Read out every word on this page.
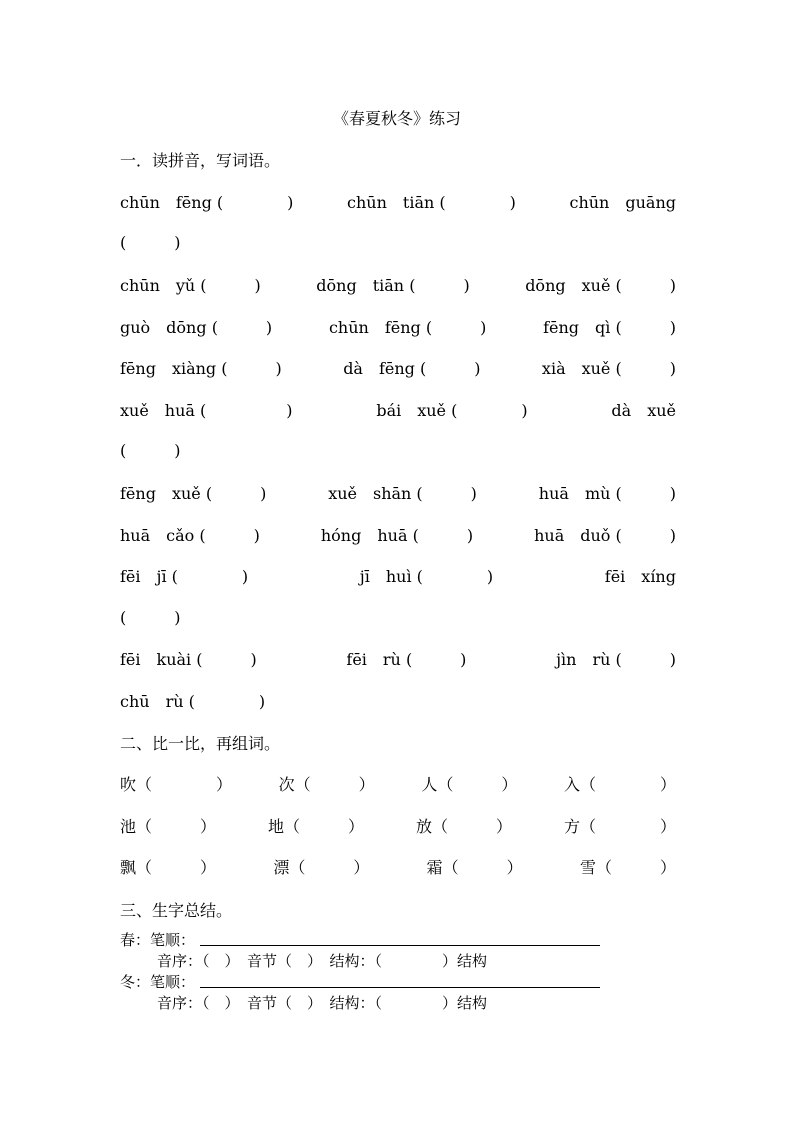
《春夏秋冬》练习
一．读拼音，写词语。
chūn　fēng (　　　　)	chūn　tiān (　　　　)	chūn　guāng
(　　　)
chūn　yǔ (　　　)	dōng　tiān (　　　)	dōng　xuě (　　　)
guò　dōng (　　　)	chūn　fēng (　　　)	fēng　qì (　　　)
fēng　xiàng (　　　)	dà　fēng (　　　)	xià　xuě (　　　)
xuě　huā (　　　　　)	bái　xuě (　　　　)	dà　xuě
(　　　)
fēng　xuě (　　　)	xuě　shān (　　　)	huā　mù (　　　)
huā　cǎo (　　　)	hóng　huā (　　　)	huā　duǒ (　　　)
fēi　jī (　　　　)	jī　huì (　　　　)	fēi　xíng
(　　　)
fēi　kuài (　　　)	fēi　rù (　　　)	jìn　rù (　　　)
chū　rù (　　　　)
二、比一比，再组词。
吹（　　　　）	次（　　　）	人（　　　）	入（　　　　）
池（　　　）	地（　　　）	放（　　　）	方（　　　　）
飘（　　　）	漂（　　　）	霜（　　　）	雪（　　　）
三、生字总结。
春：笔顺：
音序：（　）　音节（　）　结构：（　　　　）结构
冬：笔顺：
音序：（　）　音节（　）　结构：（　　　　）结构
